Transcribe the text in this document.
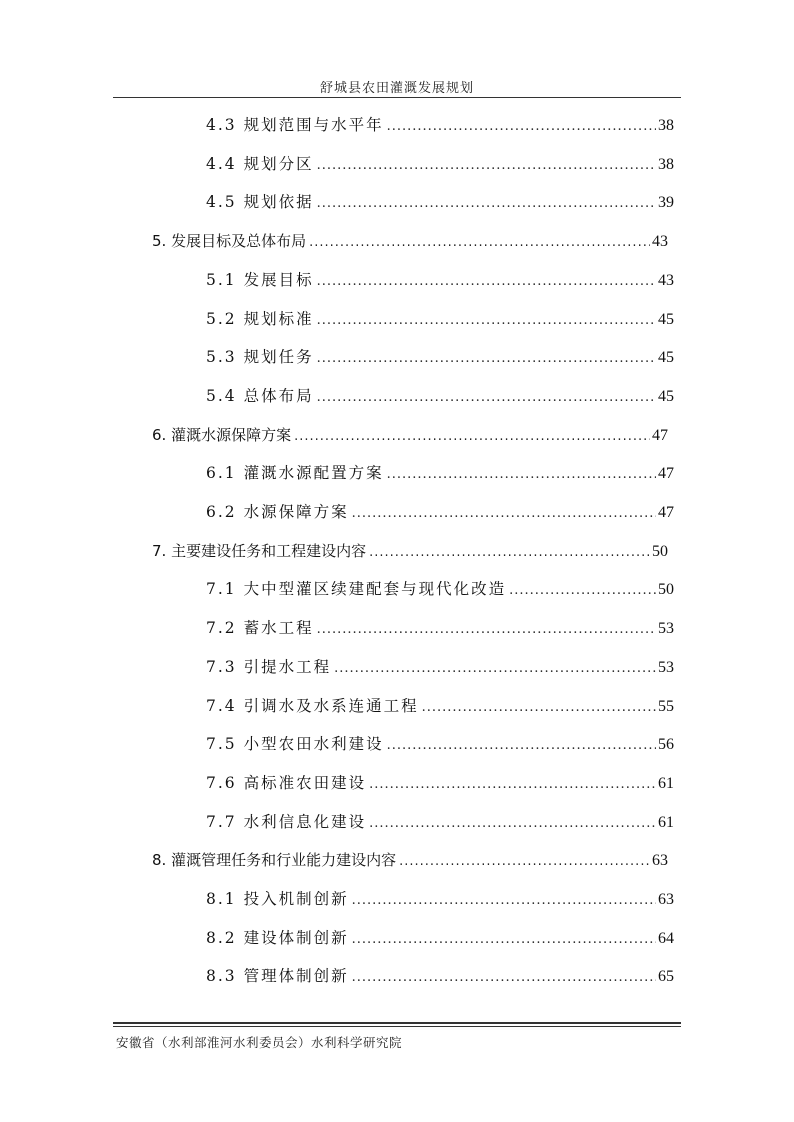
舒城县农田灌溉发展规划
4.3 规划范围与水平年 .....	38
4.4 规划分区 .....	38
4.5 规划依据 .....	39
5. 发展目标及总体布局 .....	43
5.1 发展目标 .....	43
5.2 规划标准 .....	45
5.3 规划任务 .....	45
5.4 总体布局 .....	45
6. 灌溉水源保障方案 .....	47
6.1 灌溉水源配置方案 .....	47
6.2 水源保障方案 .....	47
7. 主要建设任务和工程建设内容 .....	50
7.1 大中型灌区续建配套与现代化改造 .....	50
7.2 蓄水工程 .....	53
7.3 引提水工程 .....	53
7.4 引调水及水系连通工程 .....	55
7.5 小型农田水利建设 .....	56
7.6 高标准农田建设 .....	61
7.7 水利信息化建设 .....	61
8. 灌溉管理任务和行业能力建设内容 .....	63
8.1 投入机制创新 .....	63
8.2 建设体制创新 .....	64
8.3 管理体制创新 .....	65
安徽省（水利部淮河水利委员会）水利科学研究院
